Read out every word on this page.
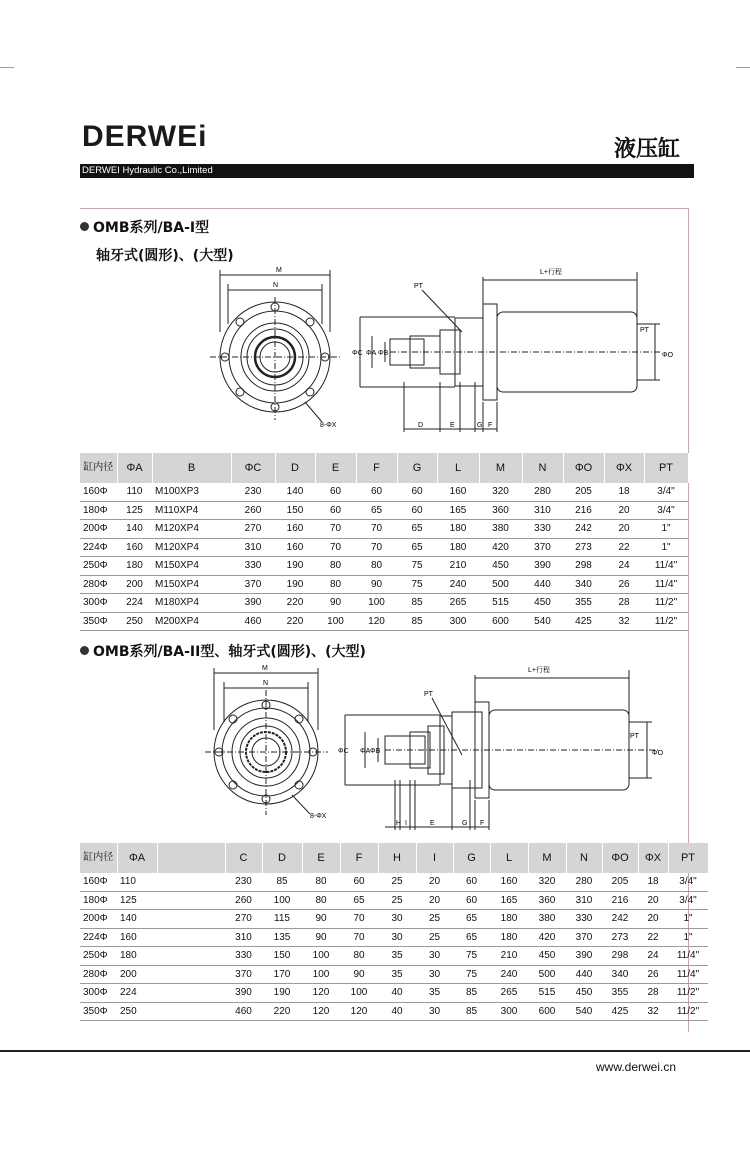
DERWEi	液压缸
DERWEI Hydraulic Co.,Limited
OMB系列/BA-I型
轴牙式(圆形)、(大型)
M
N
8-ΦX
PT
L+行程
PT
ΦC ΦA ΦB	ΦO
D	E	G F
缸内径	ΦA	B	ΦC	D	E	F	G	L	M	N	ΦO	ΦX	PT
160Φ	110	M100XP3	230	140	60	60	60	160	320	280	205	18	3/4"
180Φ	125	M110XP4	260	150	60	65	60	165	360	310	216	20	3/4"
200Φ	140	M120XP4	270	160	70	70	65	180	380	330	242	20	1"
224Φ	160	M120XP4	310	160	70	70	65	180	420	370	273	22	1"
250Φ	180	M150XP4	330	190	80	80	75	210	450	390	298	24	11/4"
280Φ	200	M150XP4	370	190	80	90	75	240	500	440	340	26	11/4"
300Φ	224	M180XP4	390	220	90	100	85	265	515	450	355	28	11/2"
350Φ	250	M200XP4	460	220	100	120	85	300	600	540	425	32	11/2"
OMB系列/BA-II型、轴牙式(圆形)、(大型)
M
N
8-ΦX
PT
L+行程
PT
ΦC ΦA ΦB	ΦO
H I	E	G F
缸内径	ΦA		C	D	E	F	H	I	G	L	M	N	ΦO	ΦX	PT
160Φ	110		230	85	80	60	25	20	60	160	320	280	205	18	3/4"
180Φ	125		260	100	80	65	25	20	60	165	360	310	216	20	3/4"
200Φ	140		270	115	90	70	30	25	65	180	380	330	242	20	1"
224Φ	160		310	135	90	70	30	25	65	180	420	370	273	22	1"
250Φ	180		330	150	100	80	35	30	75	210	450	390	298	24	11/4"
280Φ	200		370	170	100	90	35	30	75	240	500	440	340	26	11/4"
300Φ	224		390	190	120	100	40	35	85	265	515	450	355	28	11/2"
350Φ	250		460	220	120	120	40	30	85	300	600	540	425	32	11/2"
www.derwei.cn
